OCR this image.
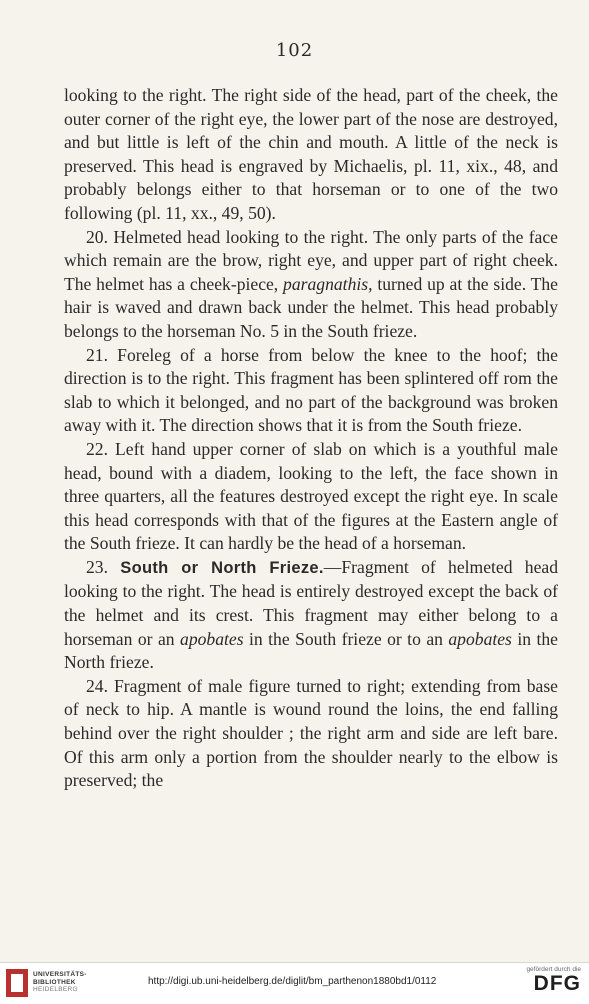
102

looking to the right. The right side of the head, part of the cheek, the outer corner of the right eye, the lower part of the nose are destroyed, and but little is left of the chin and mouth. A little of the neck is preserved. This head is engraved by Michaelis, pl. 11, xix., 48, and probably belongs either to that horseman or to one of the two following (pl. 11, xx., 49, 50).

20. Helmeted head looking to the right. The only parts of the face which remain are the brow, right eye, and upper part of right cheek. The helmet has a cheek-piece, paragnathis, turned up at the side. The hair is waved and drawn back under the helmet. This head probably belongs to the horseman No. 5 in the South frieze.

21. Foreleg of a horse from below the knee to the hoof; the direction is to the right. This fragment has been splintered off rom the slab to which it belonged, and no part of the background was broken away with it. The direction shows that it is from the South frieze.

22. Left hand upper corner of slab on which is a youthful male head, bound with a diadem, looking to the left, the face shown in three quarters, all the features destroyed except the right eye. In scale this head corresponds with that of the figures at the Eastern angle of the South frieze. It can hardly be the head of a horseman.

23. South or North Frieze.—Fragment of helmeted head looking to the right. The head is entirely destroyed except the back of the helmet and its crest. This fragment may either belong to a horseman or an apobates in the South frieze or to an apobates in the North frieze.

24. Fragment of male figure turned to right; extending from base of neck to hip. A mantle is wound round the loins, the end falling behind over the right shoulder ; the right arm and side are left bare. Of this arm only a portion from the shoulder nearly to the elbow is preserved; the

UNIVERSITÄTS-
BIBLIOTHEK
HEIDELBERG
http://digi.ub.uni-heidelberg.de/diglit/bm_parthenon1880bd1/0112
gefördert durch die
DFG
